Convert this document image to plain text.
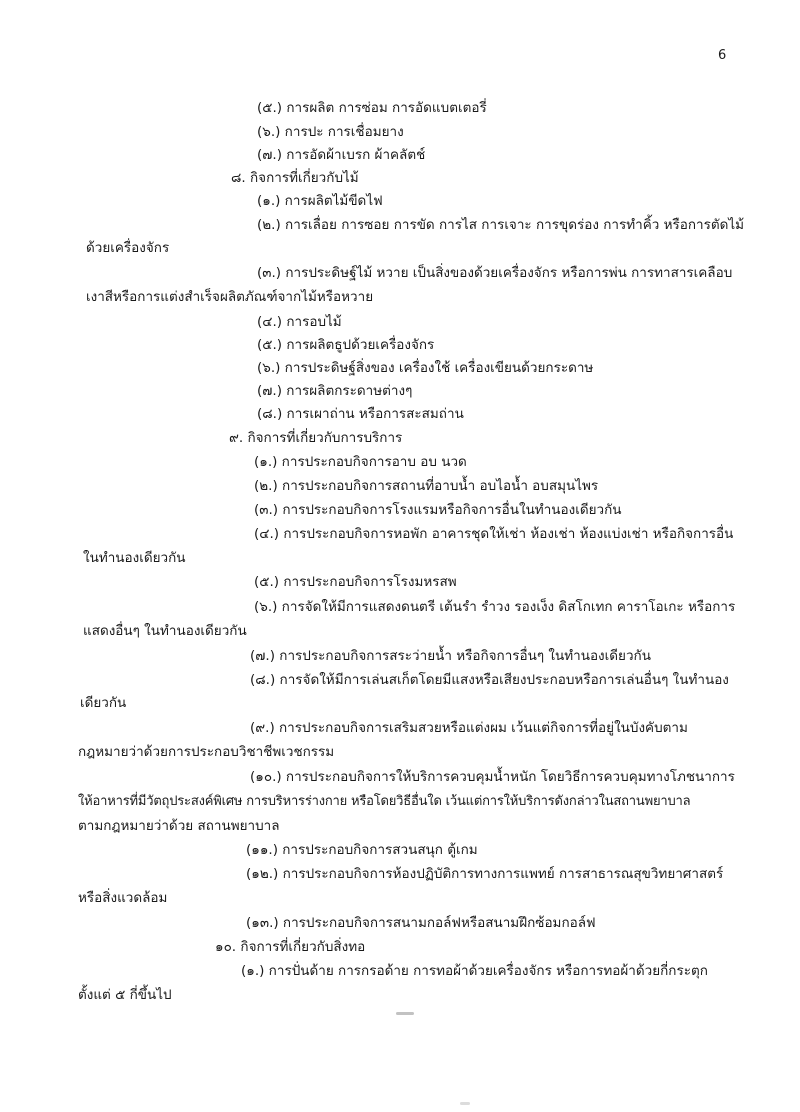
6
(๕.) การผลิต การซ่อม การอัดแบตเตอรี่
(๖.) การปะ การเชื่อมยาง
(๗.) การอัดผ้าเบรก ผ้าคลัตช์
๘. กิจการที่เกี่ยวกับไม้
(๑.) การผลิตไม้ขีดไฟ
(๒.) การเลื่อย การซอย การขัด การไส การเจาะ การขุดร่อง การทำคิ้ว หรือการตัดไม้
ด้วยเครื่องจักร
(๓.) การประดิษฐ์ไม้ หวาย เป็นสิ่งของด้วยเครื่องจักร หรือการพ่น การทาสารเคลือบ
เงาสีหรือการแต่งสำเร็จผลิตภัณฑ์จากไม้หรือหวาย
(๔.) การอบไม้
(๕.) การผลิตธูปด้วยเครื่องจักร
(๖.) การประดิษฐ์สิ่งของ เครื่องใช้ เครื่องเขียนด้วยกระดาษ
(๗.) การผลิตกระดาษต่างๆ
(๘.) การเผาถ่าน หรือการสะสมถ่าน
๙. กิจการที่เกี่ยวกับการบริการ
(๑.) การประกอบกิจการอาบ อบ นวด
(๒.) การประกอบกิจการสถานที่อาบน้ำ อบไอน้ำ อบสมุนไพร
(๓.) การประกอบกิจการโรงแรมหรือกิจการอื่นในทำนองเดียวกัน
(๔.) การประกอบกิจการหอพัก อาคารชุดให้เช่า ห้องเช่า ห้องแบ่งเช่า หรือกิจการอื่น
ในทำนองเดียวกัน
(๕.) การประกอบกิจการโรงมหรสพ
(๖.) การจัดให้มีการแสดงดนตรี เต้นรำ รำวง รองเง็ง ดิสโกเทก คาราโอเกะ หรือการ
แสดงอื่นๆ ในทำนองเดียวกัน
(๗.) การประกอบกิจการสระว่ายน้ำ หรือกิจการอื่นๆ ในทำนองเดียวกัน
(๘.) การจัดให้มีการเล่นสเก็ตโดยมีแสงหรือเสียงประกอบหรือการเล่นอื่นๆ ในทำนอง
เดียวกัน
(๙.) การประกอบกิจการเสริมสวยหรือแต่งผม เว้นแต่กิจการที่อยู่ในบังคับตาม
กฎหมายว่าด้วยการประกอบวิชาชีพเวชกรรม
(๑๐.) การประกอบกิจการให้บริการควบคุมน้ำหนัก โดยวิธีการควบคุมทางโภชนาการ
ให้อาหารที่มีวัตถุประสงค์พิเศษ การบริหารร่างกาย หรือโดยวิธีอื่นใด เว้นแต่การให้บริการดังกล่าวในสถานพยาบาล
ตามกฎหมายว่าด้วย สถานพยาบาล
(๑๑.) การประกอบกิจการสวนสนุก ตู้เกม
(๑๒.) การประกอบกิจการห้องปฏิบัติการทางการแพทย์ การสาธารณสุขวิทยาศาสตร์
หรือสิ่งแวดล้อม
(๑๓.) การประกอบกิจการสนามกอล์ฟหรือสนามฝึกซ้อมกอล์ฟ
๑๐. กิจการที่เกี่ยวกับสิ่งทอ
(๑.) การปั่นด้าย การกรอด้าย การทอผ้าด้วยเครื่องจักร หรือการทอผ้าด้วยกี่กระตุก
ตั้งแต่ ๕ กี่ขึ้นไป
